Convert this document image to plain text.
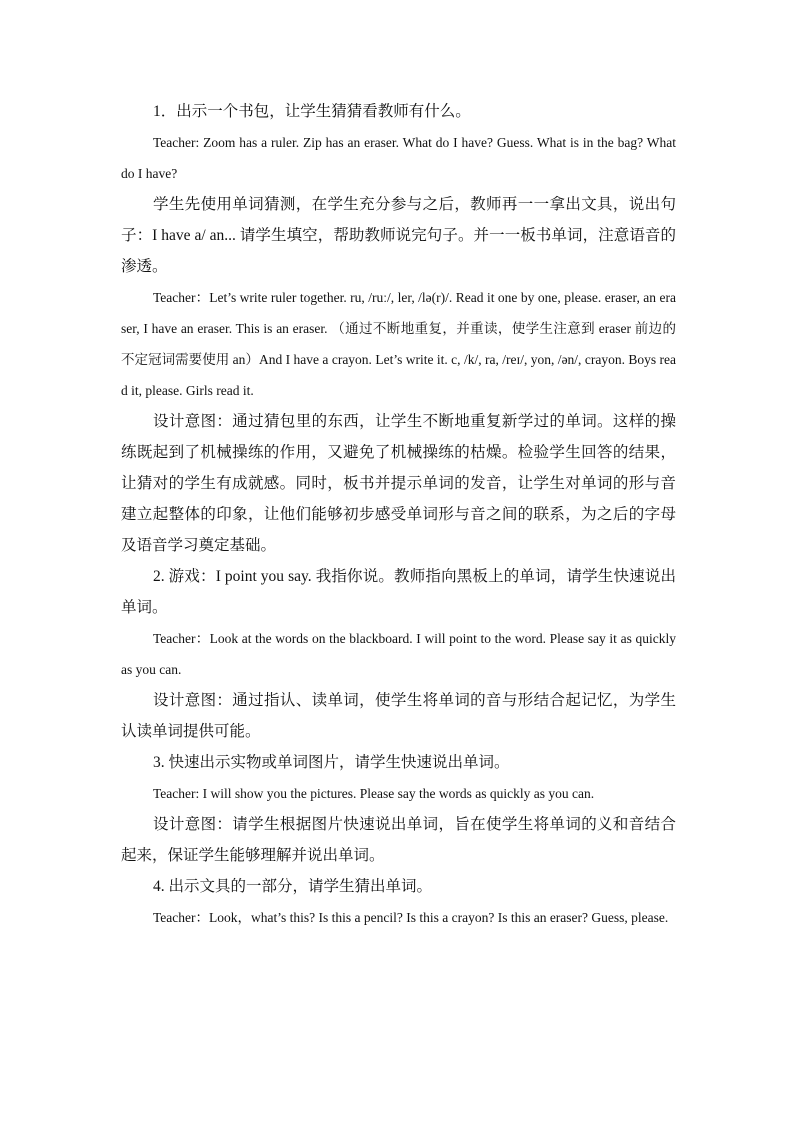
1．出示一个书包，让学生猜猜看教师有什么。

Teacher: Zoom has a ruler. Zip has an eraser. What do I have? Guess. What is in the bag? What do I have?

学生先使用单词猜测，在学生充分参与之后，教师再一一拿出文具，说出句子：I have a/ an... 请学生填空，帮助教师说完句子。并一一板书单词，注意语音的渗透。

Teacher：Let’s write ruler together. ru, /ruː/, ler, /lə(r)/. Read it one by one, please. eraser, an eraser, I have an eraser. This is an eraser. （通过不断地重复，并重读，使学生注意到 eraser 前边的不定冠词需要使用 an）And I have a crayon. Let’s write it. c, /k/, ra, /reɪ/, yon, /ən/, crayon. Boys read it, please. Girls read it.

设计意图：通过猜包里的东西，让学生不断地重复新学过的单词。这样的操练既起到了机械操练的作用，又避免了机械操练的枯燥。检验学生回答的结果，让猜对的学生有成就感。同时，板书并提示单词的发音，让学生对单词的形与音建立起整体的印象，让他们能够初步感受单词形与音之间的联系，为之后的字母及语音学习奠定基础。

2. 游戏：I point you say. 我指你说。教师指向黑板上的单词，请学生快速说出单词。

Teacher：Look at the words on the blackboard. I will point to the word. Please say it as quickly as you can.

设计意图：通过指认、读单词，使学生将单词的音与形结合起记忆，为学生认读单词提供可能。

3. 快速出示实物或单词图片，请学生快速说出单词。

Teacher: I will show you the pictures. Please say the words as quickly as you can.

设计意图：请学生根据图片快速说出单词，旨在使学生将单词的义和音结合起来，保证学生能够理解并说出单词。

4. 出示文具的一部分，请学生猜出单词。

Teacher：Look，what’s this? Is this a pencil? Is this a crayon? Is this an eraser? Guess, please.
